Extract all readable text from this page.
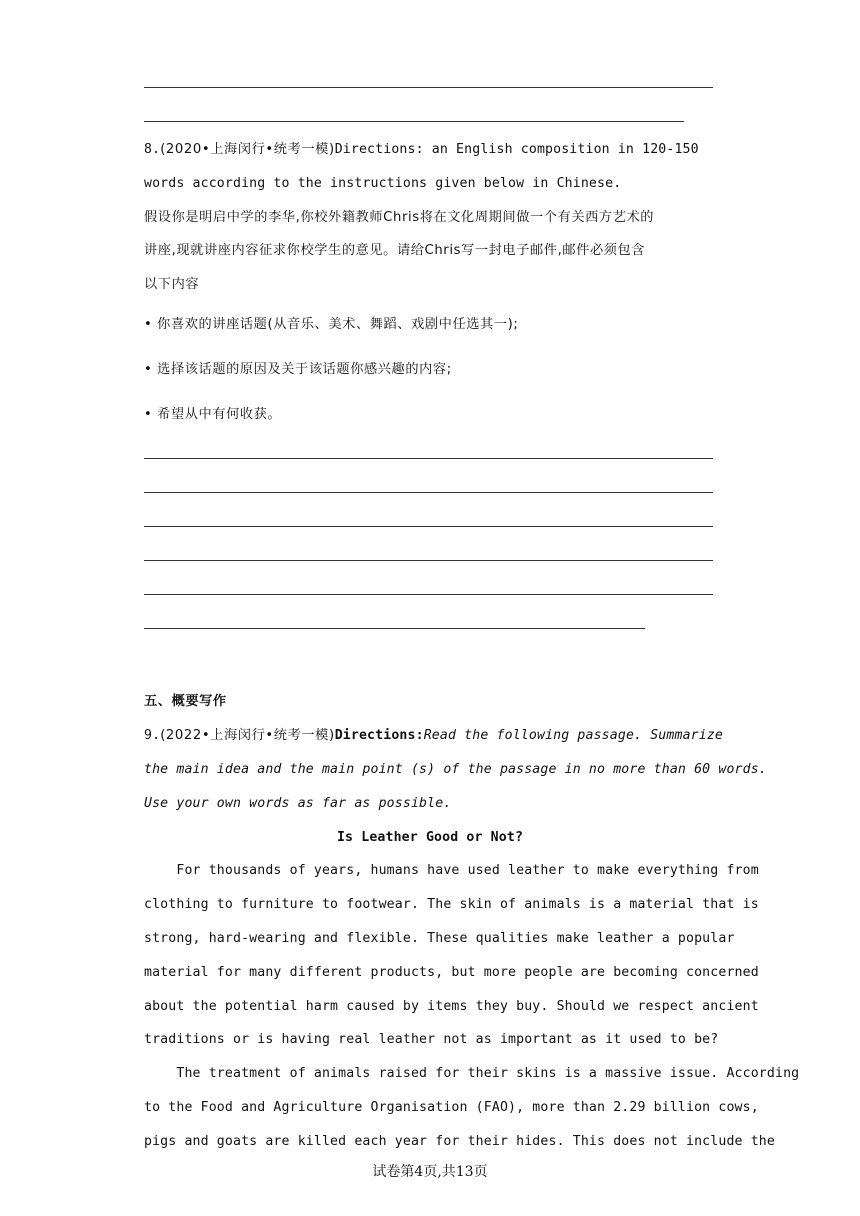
8.(2020•上海闵行•统考一模)Directions: an English composition in 120-150
words according to the instructions given below in Chinese.
假设你是明启中学的李华,你校外籍教师Chris将在文化周期间做一个有关西方艺术的
讲座,现就讲座内容征求你校学生的意见。请给Chris写一封电子邮件,邮件必须包含
以下内容
• 你喜欢的讲座话题(从音乐、美术、舞蹈、戏剧中任选其一);
• 选择该话题的原因及关于该话题你感兴趣的内容;
• 希望从中有何收获。
五、概要写作
9.(2022•上海闵行•统考一模)Directions:Read the following passage. Summarize
the main idea and the main point (s) of the passage in no more than 60 words.
Use your own words as far as possible.
Is Leather Good or Not?
For thousands of years, humans have used leather to make everything from
clothing to furniture to footwear. The skin of animals is a material that is
strong, hard-wearing and flexible. These qualities make leather a popular
material for many different products, but more people are becoming concerned
about the potential harm caused by items they buy. Should we respect ancient
traditions or is having real leather not as important as it used to be?
The treatment of animals raised for their skins is a massive issue. According
to the Food and Agriculture Organisation (FAO), more than 2.29 billion cows,
pigs and goats are killed each year for their hides. This does not include the
试卷第4页,共13页
